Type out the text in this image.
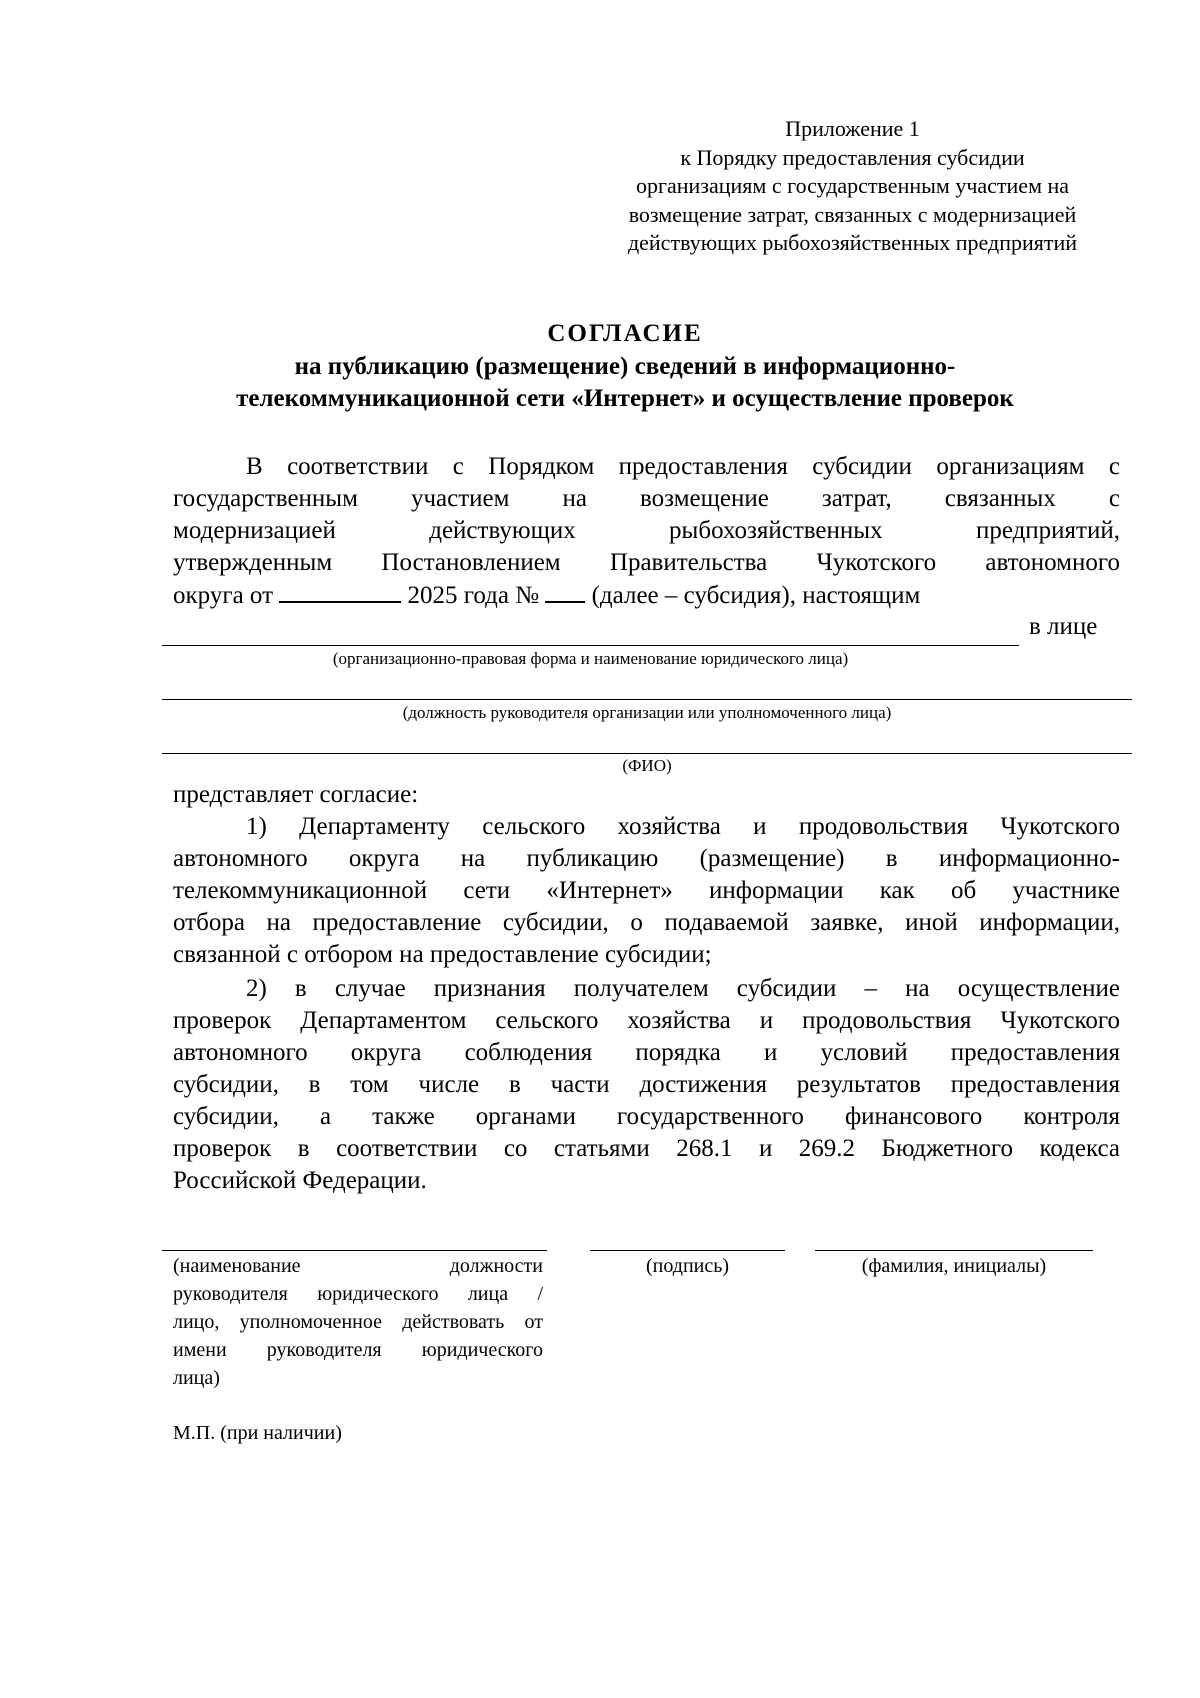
Приложение 1
к Порядку предоставления субсидии
организациям с государственным участием на
возмещение затрат, связанных с модернизацией
действующих рыбохозяйственных предприятий
СОГЛАСИЕ
на публикацию (размещение) сведений в информационно-
телекоммуникационной сети «Интернет» и осуществление проверок
В соответствии с Порядком предоставления субсидии организациям с
государственным участием на возмещение затрат, связанных с
модернизацией действующих рыбохозяйственных предприятий,
утвержденным Постановлением Правительства Чукотского автономного
округа от	2025 года № (далее – субсидия), настоящим
в лице
(организационно-правовая форма и наименование юридического лица)
(должность руководителя организации или уполномоченного лица)
(ФИО)
представляет согласие:
1) Департаменту сельского хозяйства и продовольствия Чукотского
автономного округа на публикацию (размещение) в информационно-
телекоммуникационной сети «Интернет» информации как об участнике
отбора на предоставление субсидии, о подаваемой заявке, иной информации,
связанной с отбором на предоставление субсидии;
2) в случае признания получателем субсидии – на осуществление
проверок Департаментом сельского хозяйства и продовольствия Чукотского
автономного округа соблюдения порядка и условий предоставления
субсидии, в том числе в части достижения результатов предоставления
субсидии, а также органами государственного финансового контроля
проверок в соответствии со статьями 268.1 и 269.2 Бюджетного кодекса
Российской Федерации.
(наименование должности
руководителя юридического лица /
лицо, уполномоченное действовать от
имени руководителя юридического
лица)
(подпись)	(фамилия, инициалы)
М.П. (при наличии)
